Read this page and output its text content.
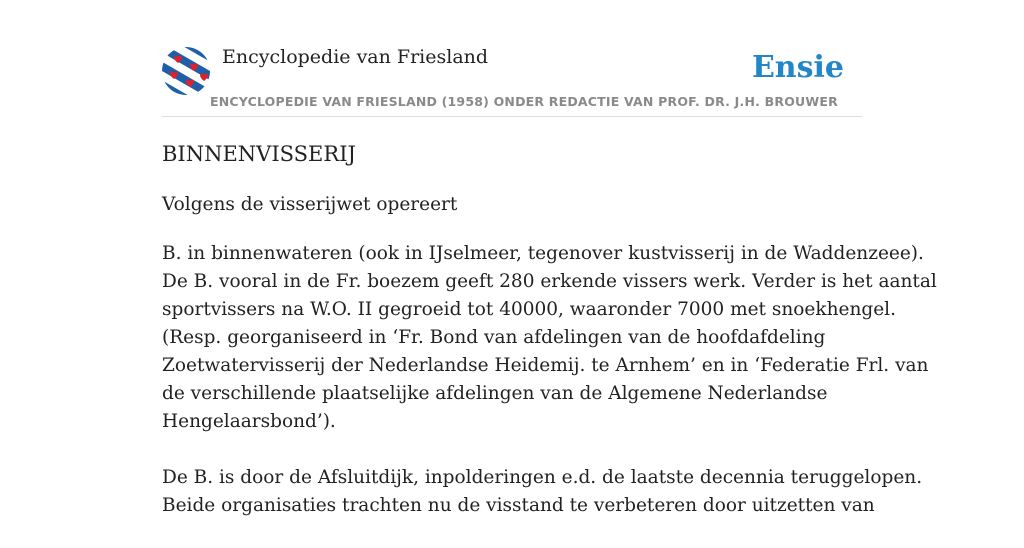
Encyclopedie van Friesland	Ensie
ENCYCLOPEDIE VAN FRIESLAND (1958) ONDER REDACTIE VAN PROF. DR. J.H. BROUWER
BINNENVISSERIJ
Volgens de visserijwet opereert

B. in binnenwateren (ook in IJselmeer, tegenover kustvisserij in de Waddenzeee).
De B. vooral in de Fr. boezem geeft 280 erkende vissers werk. Verder is het aantal
sportvissers na W.O. II gegroeid tot 40000, waaronder 7000 met snoekhengel.
(Resp. georganiseerd in ‘Fr. Bond van afdelingen van de hoofdafdeling
Zoetwatervisserij der Nederlandse Heidemij. te Arnhem’ en in ‘Federatie Frl. van
de verschillende plaatselijke afdelingen van de Algemene Nederlandse
Hengelaarsbond’).

De B. is door de Afsluitdijk, inpolderingen e.d. de laatste decennia teruggelopen.
Beide organisaties trachten nu de visstand te verbeteren door uitzetten van
